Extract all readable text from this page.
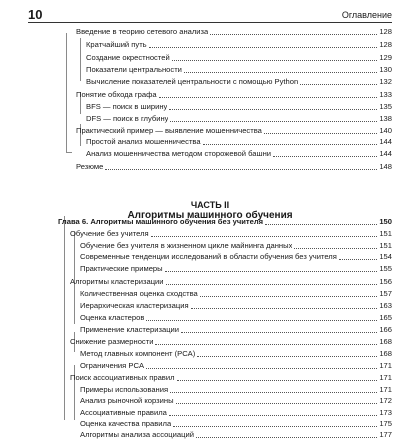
10	Оглавление
Введение в теорию сетевого анализа	128
Кратчайший путь	128
Создание окрестностей	129
Показатели центральности	130
Вычисление показателей центральности с помощью Python	132
Понятие обхода графа	133
BFS — поиск в ширину	135
DFS — поиск в глубину	138
Практический пример — выявление мошенничества	140
Простой анализ мошенничества	144
Анализ мошенничества методом сторожевой башни	144
Резюме	148
ЧАСТЬ II
Алгоритмы машинного обучения
Глава 6. Алгоритмы машинного обучения без учителя	150
Обучение без учителя	151
Обучение без учителя в жизненном цикле майнинга данных	151
Современные тенденции исследований в области обучения без учителя	154
Практические примеры	155
Алгоритмы кластеризации	156
Количественная оценка сходства	157
Иерархическая кластеризация	163
Оценка кластеров	165
Применение кластеризации	166
Снижение размерности	168
Метод главных компонент (PCA)	168
Ограничения PCA	171
Поиск ассоциативных правил	171
Примеры использования	171
Анализ рыночной корзины	172
Ассоциативные правила	173
Оценка качества правила	175
Алгоритмы анализа ассоциаций	177
